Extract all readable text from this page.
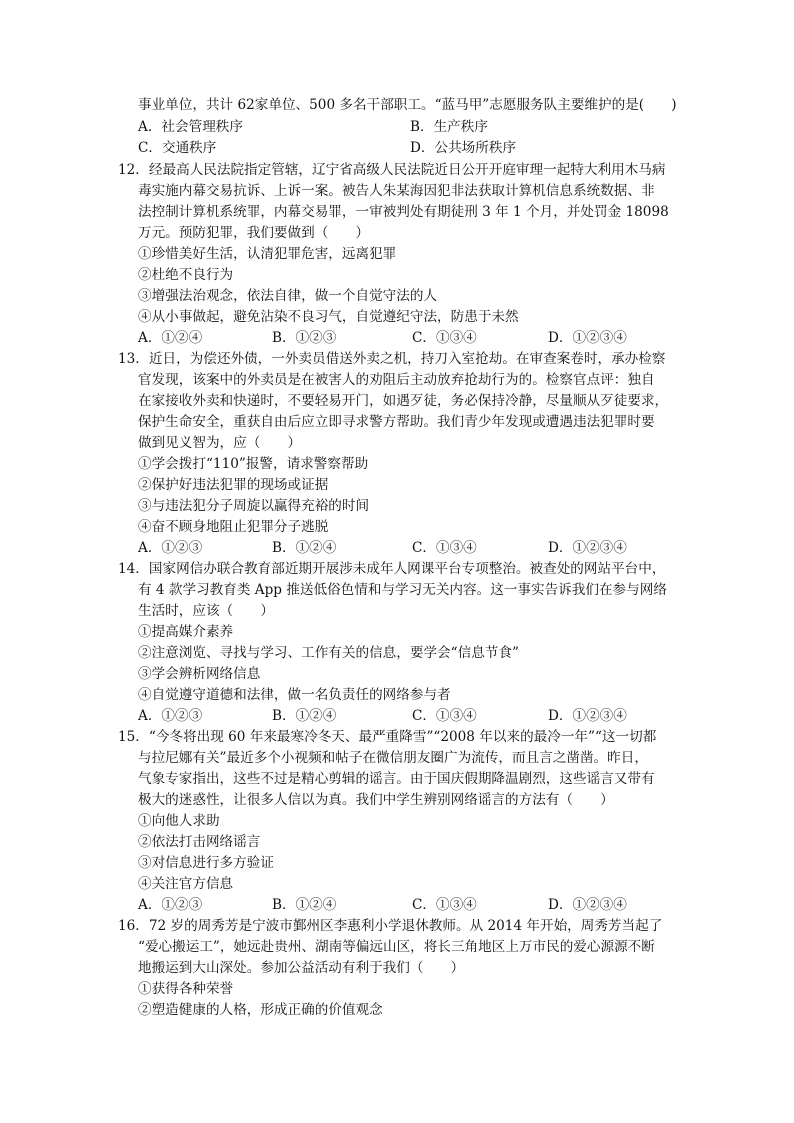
事业单位，共计 62家单位、500 多名干部职工。“蓝马甲”志愿服务队主要维护的是(　　)
A．社会管理秩序	B．生产秩序
C．交通秩序	D．公共场所秩序
12．经最高人民法院指定管辖，辽宁省高级人民法院近日公开开庭审理一起特大利用木马病
毒实施内幕交易抗诉、上诉一案。被告人朱某海因犯非法获取计算机信息系统数据、非
法控制计算机系统罪，内幕交易罪，一审被判处有期徒刑 3 年 1 个月，并处罚金 18098
万元。预防犯罪，我们要做到（　　）
①珍惜美好生活，认清犯罪危害，远离犯罪
②杜绝不良行为
③增强法治观念，依法自律，做一个自觉守法的人
④从小事做起，避免沾染不良习气，自觉遵纪守法，防患于未然
A．①②④	B．①②③	C．①③④	D．①②③④
13．近日，为偿还外债，一外卖员借送外卖之机，持刀入室抢劫。在审查案卷时，承办检察
官发现，该案中的外卖员是在被害人的劝阻后主动放弃抢劫行为的。检察官点评：独自
在家接收外卖和快递时，不要轻易开门，如遇歹徒，务必保持冷静，尽量顺从歹徒要求，
保护生命安全，重获自由后应立即寻求警方帮助。我们青少年发现或遭遇违法犯罪时要
做到见义智为，应（　　）
①学会拨打“110”报警，请求警察帮助
②保护好违法犯罪的现场或证据
③与违法犯分子周旋以赢得充裕的时间
④奋不顾身地阻止犯罪分子逃脱
A．①②③	B．①②④	C．①③④	D．①②③④
14．国家网信办联合教育部近期开展涉未成年人网课平台专项整治。被查处的网站平台中，
有 4 款学习教育类 App 推送低俗色情和与学习无关内容。这一事实告诉我们在参与网络
生活时，应该（　　）
①提高媒介素养
②注意浏览、寻找与学习、工作有关的信息，要学会“信息节食”
③学会辨析网络信息
④自觉遵守道德和法律，做一名负责任的网络参与者
A．①②③	B．①②④	C．①③④	D．①②③④
15．“今冬将出现 60 年来最寒冷冬天、最严重降雪”“2008 年以来的最冷一年”“这一切都
与拉尼娜有关”最近多个小视频和帖子在微信朋友圈广为流传，而且言之凿凿。昨日，
气象专家指出，这些不过是精心剪辑的谣言。由于国庆假期降温剧烈，这些谣言又带有
极大的迷惑性，让很多人信以为真。我们中学生辨别网络谣言的方法有（　　）
①向他人求助
②依法打击网络谣言
③对信息进行多方验证
④关注官方信息
A．①②③	B．①②④	C．①③④	D．①②③④
16．72 岁的周秀芳是宁波市鄞州区李惠利小学退休教师。从 2014 年开始，周秀芳当起了
“爱心搬运工”，她远赴贵州、湖南等偏远山区，将长三角地区上万市民的爱心源源不断
地搬运到大山深处。参加公益活动有利于我们（　　）
①获得各种荣誉
②塑造健康的人格，形成正确的价值观念
